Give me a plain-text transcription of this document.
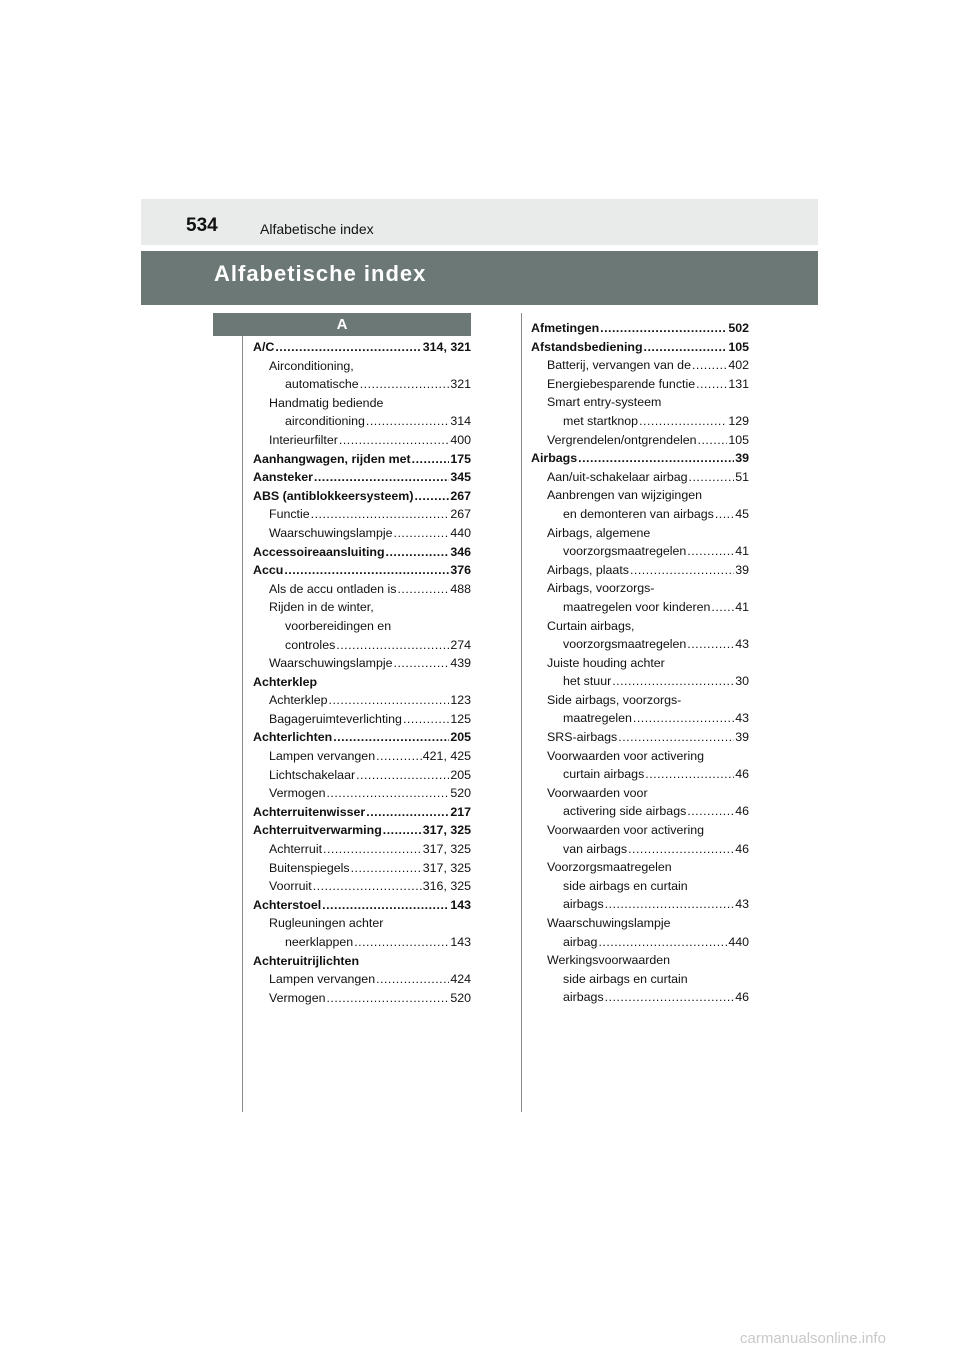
534	Alfabetische index
Alfabetische index
A
A/C .....	314, 321
Airconditioning,
automatische .....	321
Handmatig bediende
airconditioning .....	314
Interieurfilter .....	400
Aanhangwagen, rijden met .....	175
Aansteker .....	345
ABS (antiblokkeersysteem) .....	267
Functie .....	267
Waarschuwingslampje .....	440
Accessoireaansluiting .....	346
Accu .....	376
Als de accu ontladen is .....	488
Rijden in de winter,
voorbereidingen en
controles .....	274
Waarschuwingslampje .....	439
Achterklep
Achterklep .....	123
Bagageruimteverlichting .....	125
Achterlichten .....	205
Lampen vervangen .....	421, 425
Lichtschakelaar .....	205
Vermogen .....	520
Achterruitenwisser .....	217
Achterruitverwarming .....	317, 325
Achterruit .....	317, 325
Buitenspiegels .....	317, 325
Voorruit .....	316, 325
Achterstoel .....	143
Rugleuningen achter
neerklappen .....	143
Achteruitrijlichten
Lampen vervangen .....	424
Vermogen .....	520
Afmetingen .....	502
Afstandsbediening .....	105
Batterij, vervangen van de .....	402
Energiebesparende functie .....	131
Smart entry-systeem
met startknop .....	129
Vergrendelen/ontgrendelen .....	105
Airbags .....	39
Aan/uit-schakelaar airbag .....	51
Aanbrengen van wijzigingen
en demonteren van airbags ..... 45
Airbags, algemene
voorzorgsmaatregelen .....	41
Airbags, plaats .....	39
Airbags, voorzorgs-
maatregelen voor kinderen ..... 41
Curtain airbags,
voorzorgsmaatregelen .....	43
Juiste houding achter
het stuur .....	30
Side airbags, voorzorgs-
maatregelen .....	43
SRS-airbags .....	39
Voorwaarden voor activering
curtain airbags .....	46
Voorwaarden voor
activering side airbags .....	46
Voorwaarden voor activering
van airbags .....	46
Voorzorgsmaatregelen
side airbags en curtain
airbags .....	43
Waarschuwingslampje
airbag .....	440
Werkingsvoorwaarden
side airbags en curtain
airbags .....	46
carmanualsonline.info
